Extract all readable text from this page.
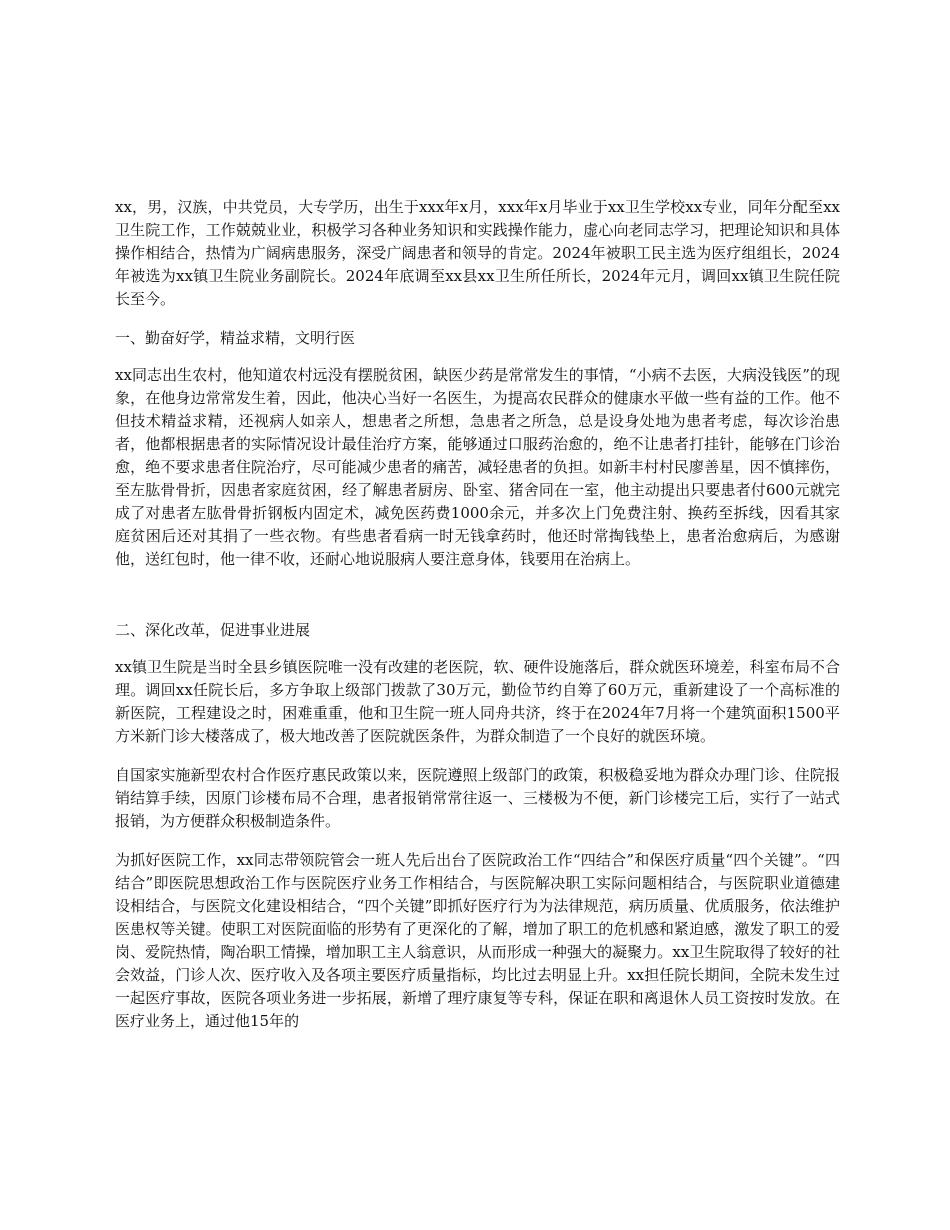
xx，男，汉族，中共党员，大专学历，出生于xxx年x月，xxx年x月毕业于xx卫生学校xx专业，同年分配至xx卫生院工作，工作兢兢业业，积极学习各种业务知识和实践操作能力，虚心向老同志学习，把理论知识和具体操作相结合，热情为广阔病患服务，深受广阔患者和领导的肯定。2024年被职工民主选为医疗组组长，2024年被选为xx镇卫生院业务副院长。2024年底调至xx县xx卫生所任所长，2024年元月，调回xx镇卫生院任院长至今。

一、勤奋好学，精益求精，文明行医

xx同志出生农村，他知道农村远没有摆脱贫困，缺医少药是常常发生的事情，“小病不去医，大病没钱医”的现象，在他身边常常发生着，因此，他决心当好一名医生，为提高农民群众的健康水平做一些有益的工作。他不但技术精益求精，还视病人如亲人，想患者之所想，急患者之所急，总是设身处地为患者考虑，每次诊治患者，他都根据患者的实际情况设计最佳治疗方案，能够通过口服药治愈的，绝不让患者打挂针，能够在门诊治愈，绝不要求患者住院治疗，尽可能减少患者的痛苦，减轻患者的负担。如新丰村村民廖善星，因不慎摔伤，至左肱骨骨折，因患者家庭贫困，经了解患者厨房、卧室、猪舍同在一室，他主动提出只要患者付600元就完成了对患者左肱骨骨折钢板内固定术，减免医药费1000余元，并多次上门免费注射、换药至拆线，因看其家庭贫困后还对其捐了一些衣物。有些患者看病一时无钱拿药时，他还时常掏钱垫上，患者治愈病后，为感谢他，送红包时，他一律不收，还耐心地说服病人要注意身体，钱要用在治病上。

二、深化改革，促进事业进展

xx镇卫生院是当时全县乡镇医院唯一没有改建的老医院，软、硬件设施落后，群众就医环境差，科室布局不合理。调回xx任院长后，多方争取上级部门拨款了30万元，勤俭节约自筹了60万元，重新建设了一个高标准的新医院，工程建设之时，困难重重，他和卫生院一班人同舟共济，终于在2024年7月将一个建筑面积1500平方米新门诊大楼落成了，极大地改善了医院就医条件，为群众制造了一个良好的就医环境。

自国家实施新型农村合作医疗惠民政策以来，医院遵照上级部门的政策，积极稳妥地为群众办理门诊、住院报销结算手续，因原门诊楼布局不合理，患者报销常常往返一、三楼极为不便，新门诊楼完工后，实行了一站式报销，为方便群众积极制造条件。

为抓好医院工作，xx同志带领院管会一班人先后出台了医院政治工作“四结合”和保医疗质量“四个关键”。“四结合”即医院思想政治工作与医院医疗业务工作相结合，与医院解决职工实际问题相结合，与医院职业道德建设相结合，与医院文化建设相结合，“四个关键”即抓好医疗行为为法律规范，病历质量、优质服务，依法维护医患权等关键。使职工对医院面临的形势有了更深化的了解，增加了职工的危机感和紧迫感，激发了职工的爱岗、爱院热情，陶冶职工情操，增加职工主人翁意识，从而形成一种强大的凝聚力。xx卫生院取得了较好的社会效益，门诊人次、医疗收入及各项主要医疗质量指标，均比过去明显上升。xx担任院长期间，全院未发生过一起医疗事故，医院各项业务进一步拓展，新增了理疗康复等专科，保证在职和离退休人员工资按时发放。在医疗业务上，通过他15年的
